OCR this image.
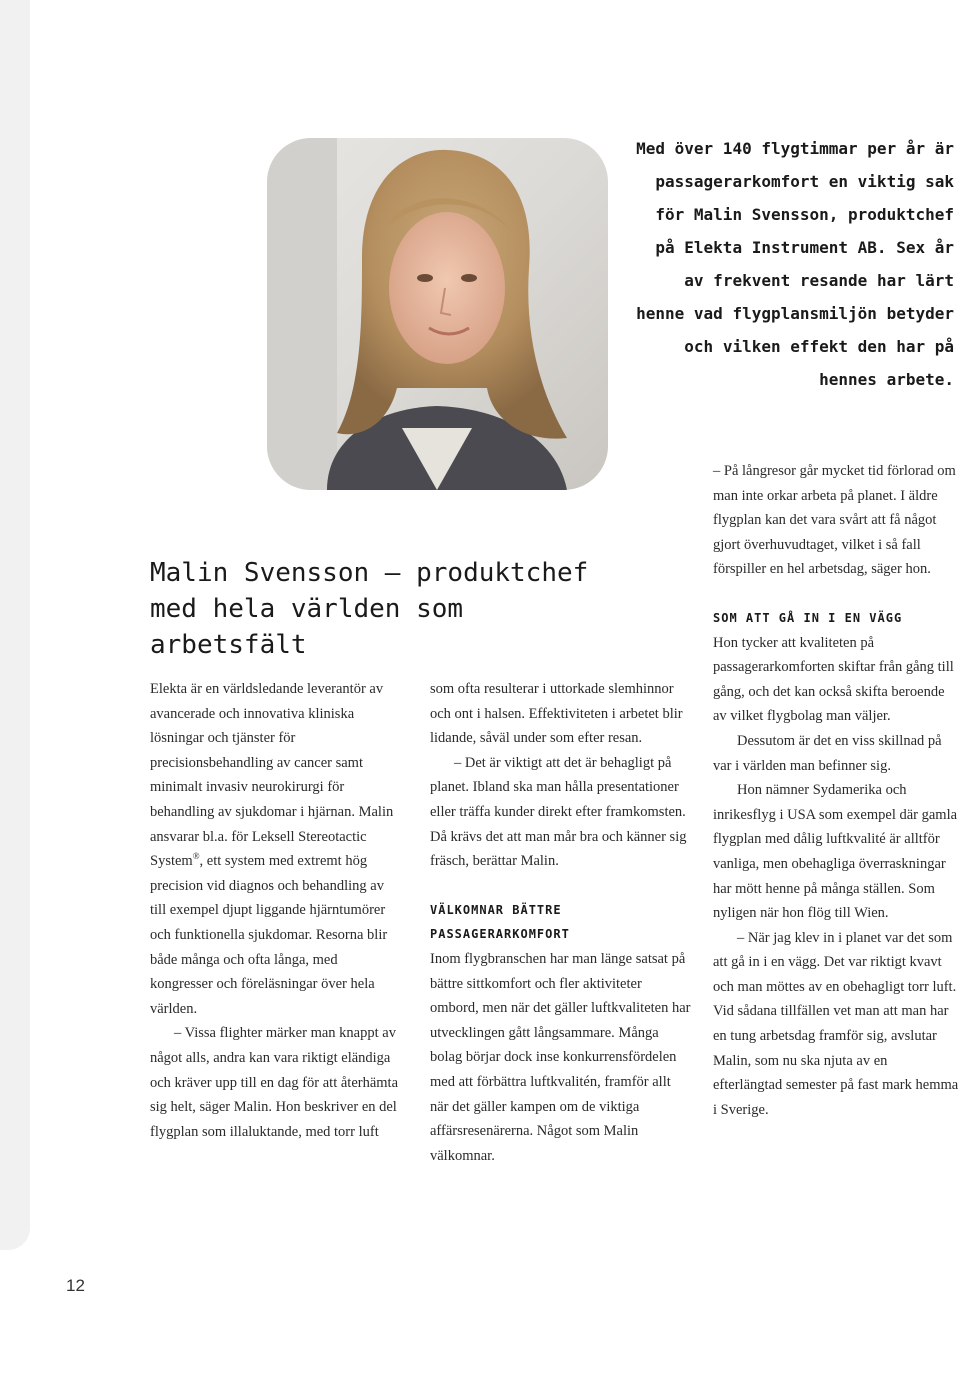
Med över 140 flygtimmar per år är passagerarkomfort en viktig sak för Malin Svensson, produktchef på Elekta Instrument AB. Sex år av frekvent resande har lärt henne vad flygplansmiljön betyder och vilken effekt den har på hennes arbete.
Malin Svensson – produktchef med hela världen som arbetsfält

Elekta är en världsledande leverantör av avancerade och innovativa kliniska lösningar och tjänster för precisionsbehandling av cancer samt minimalt invasiv neurokirurgi för behandling av sjukdomar i hjärnan. Malin ansvarar bl.a. för Leksell Stereotactic System®, ett system med extremt hög precision vid diagnos och behandling av till exempel djupt liggande hjärntumörer och funktionella sjukdomar. Resorna blir både många och ofta långa, med kongresser och föreläsningar över hela världen.

– Vissa flighter märker man knappt av något alls, andra kan vara riktigt eländiga och kräver upp till en dag för att återhämta sig helt, säger Malin. Hon beskriver en del flygplan som illaluktande, med torr luft

som ofta resulterar i uttorkade slemhinnor och ont i halsen. Effektiviteten i arbetet blir lidande, såväl under som efter resan.

– Det är viktigt att det är behagligt på planet. Ibland ska man hålla presentationer eller träffa kunder direkt efter framkomsten. Då krävs det att man mår bra och känner sig fräsch, berättar Malin.

VÄLKOMNAR BÄTTRE

PASSAGERARKOMFORT

Inom flygbranschen har man länge satsat på bättre sittkomfort och fler aktiviteter ombord, men när det gäller luftkvaliteten har utvecklingen gått långsammare. Många bolag börjar dock inse konkurrensfördelen med att förbättra luftkvalitén, framför allt när det gäller kampen om de viktiga affärsresenärerna. Något som Malin välkomnar.

– På långresor går mycket tid förlorad om man inte orkar arbeta på planet. I äldre flygplan kan det vara svårt att få något gjort överhuvudtaget, vilket i så fall förspiller en hel arbetsdag, säger hon.

SOM ATT GÅ IN I EN VÄGG

Hon tycker att kvaliteten på passagerarkomforten skiftar från gång till gång, och det kan också skifta beroende av vilket flygbolag man väljer.

Dessutom är det en viss skillnad på var i världen man befinner sig.

Hon nämner Sydamerika och inrikesflyg i USA som exempel där gamla flygplan med dålig luftkvalité är alltför vanliga, men obehagliga överraskningar har mött henne på många ställen. Som nyligen när hon flög till Wien.

– När jag klev in i planet var det som att gå in i en vägg. Det var riktigt kvavt och man möttes av en obehagligt torr luft. Vid sådana tillfällen vet man att man har en tung arbetsdag framför sig, avslutar Malin, som nu ska njuta av en efterlängtad semester på fast mark hemma i Sverige.

12
